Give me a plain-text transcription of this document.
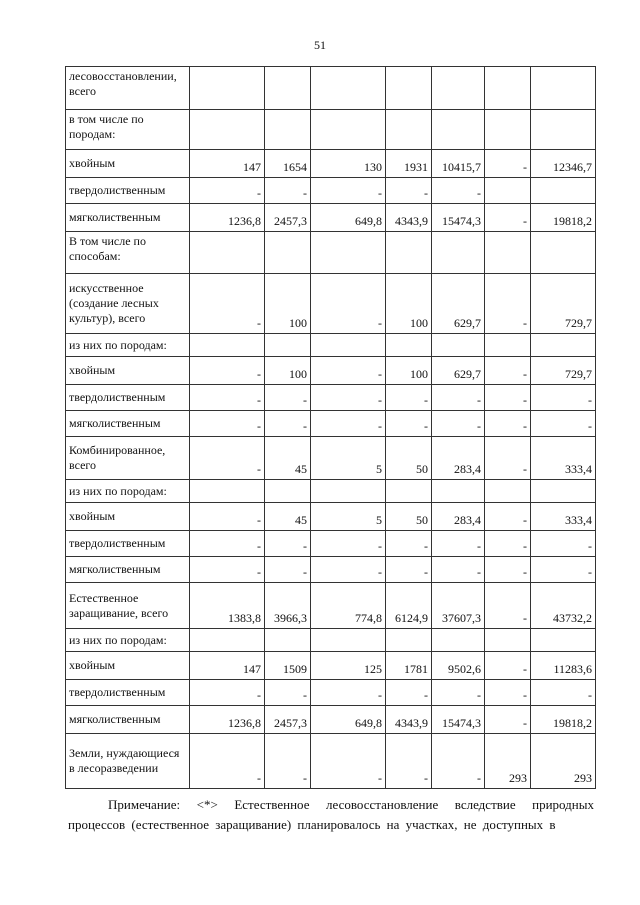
51
лесовосстановлении, всего							
в том числе по породам:							
хвойным	147	1654	130	1931	10415,7	-	12346,7
твердолиственным	-	-	-	-	-		
мягколиственным	1236,8	2457,3	649,8	4343,9	15474,3	-	19818,2
В том числе по способам:							
искусственное (создание лесных культур), всего	-	100	-	100	629,7	-	729,7
из них по породам:							
хвойным	-	100	-	100	629,7	-	729,7
твердолиственным	-	-	-	-	-	-	-
мягколиственным	-	-	-	-	-	-	-
Комбинированное, всего	-	45	5	50	283,4	-	333,4
из них по породам:							
хвойным	-	45	5	50	283,4	-	333,4
твердолиственным	-	-	-	-	-	-	-
мягколиственным	-	-	-	-	-	-	-
Естественное заращивание, всего	1383,8	3966,3	774,8	6124,9	37607,3	-	43732,2
из них по породам:							
хвойным	147	1509	125	1781	9502,6	-	11283,6
твердолиственным	-	-	-	-	-	-	-
мягколиственным	1236,8	2457,3	649,8	4343,9	15474,3	-	19818,2
Земли, нуждающиеся в лесоразведении	-	-	-	-	-	293	293
Примечание: <*> Естественное лесовосстановление вследствие природных процессов (естественное заращивание) планировалось на участках, не доступных в
